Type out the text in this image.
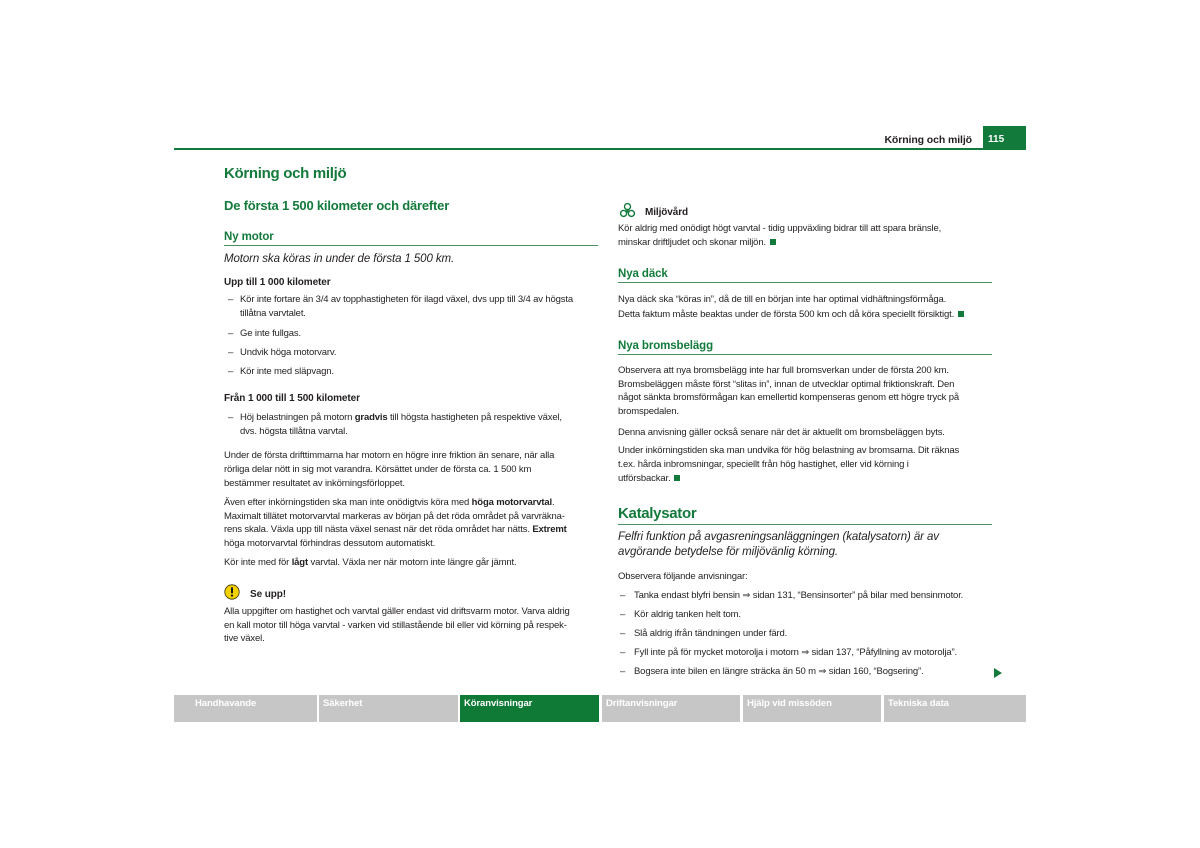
Körning och miljö	115
Körning och miljö
De första 1 500 kilometer och därefter
Ny motor
Motorn ska köras in under de första 1 500 km.
Upp till 1 000 kilometer
– Kör inte fortare än 3/4 av topphastigheten för ilagd växel, dvs upp till 3/4 av högsta
tillåtna varvtalet.
– Ge inte fullgas.
– Undvik höga motorvarv.
– Kör inte med släpvagn.
Från 1 000 till 1 500 kilometer
– Höj belastningen på motorn gradvis till högsta hastigheten på respektive växel,
dvs. högsta tillåtna varvtal.
Under de första drifttimmarna har motorn en högre inre friktion än senare, när alla
rörliga delar nött in sig mot varandra. Körsättet under de första ca. 1 500 km
bestämmer resultatet av inkörningsförloppet.
Även efter inkörningstiden ska man inte onödigtvis köra med höga motorvarvtal.
Maximalt tillätet motorvarvtal markeras av början på det röda området på varvräkna-
rens skala. Växla upp till nästa växel senast när det röda området har nätts. Extremt
höga motorvarvtal förhindras dessutom automatiskt.
Kör inte med för lågt varvtal. Växla ner när motorn inte längre går jämnt.
Se upp!
Alla uppgifter om hastighet och varvtal gäller endast vid driftsvarm motor. Varva aldrig
en kall motor till höga varvtal - varken vid stillastående bil eller vid körning på respek-
tive växel.
Miljövård
Kör aldrig med onödigt högt varvtal - tidig uppväxling bidrar till att spara bränsle,
minskar driftljudet och skonar miljön.
Nya däck
Nya däck ska “köras in”, då de till en början inte har optimal vidhäftningsförmåga.
Detta faktum måste beaktas under de första 500 km och då köra speciellt försiktigt.
Nya bromsbelägg
Observera att nya bromsbelägg inte har full bromsverkan under de första 200 km.
Bromsbeläggen måste först “slitas in”, innan de utvecklar optimal friktionskraft. Den
något sänkta bromsförmågan kan emellertid kompenseras genom ett högre tryck på
bromspedalen.
Denna anvisning gäller också senare när det är aktuellt om bromsbeläggen byts.
Under inkörningstiden ska man undvika för hög belastning av bromsarna. Dit räknas
t.ex. hårda inbromsningar, speciellt från hög hastighet, eller vid körning i
utförsbackar.
Katalysator
Felfri funktion på avgasreningsanläggningen (katalysatorn) är av
avgörande betydelse för miljövänlig körning.
Observera följande anvisningar:
– Tanka endast blyfri bensin ⇒ sidan 131, “Bensinsorter” på bilar med bensinmotor.
– Kör aldrig tanken helt tom.
– Slå aldrig ifrån tändningen under färd.
– Fyll inte på för mycket motorolja i motorn ⇒ sidan 137, “Påfyllning av motorolja”.
– Bogsera inte bilen en längre sträcka än 50 m ⇒ sidan 160, “Bogsering”.
Handhavande	Säkerhet	Köranvisningar	Driftanvisningar	Hjälp vid missöden	Tekniska data
